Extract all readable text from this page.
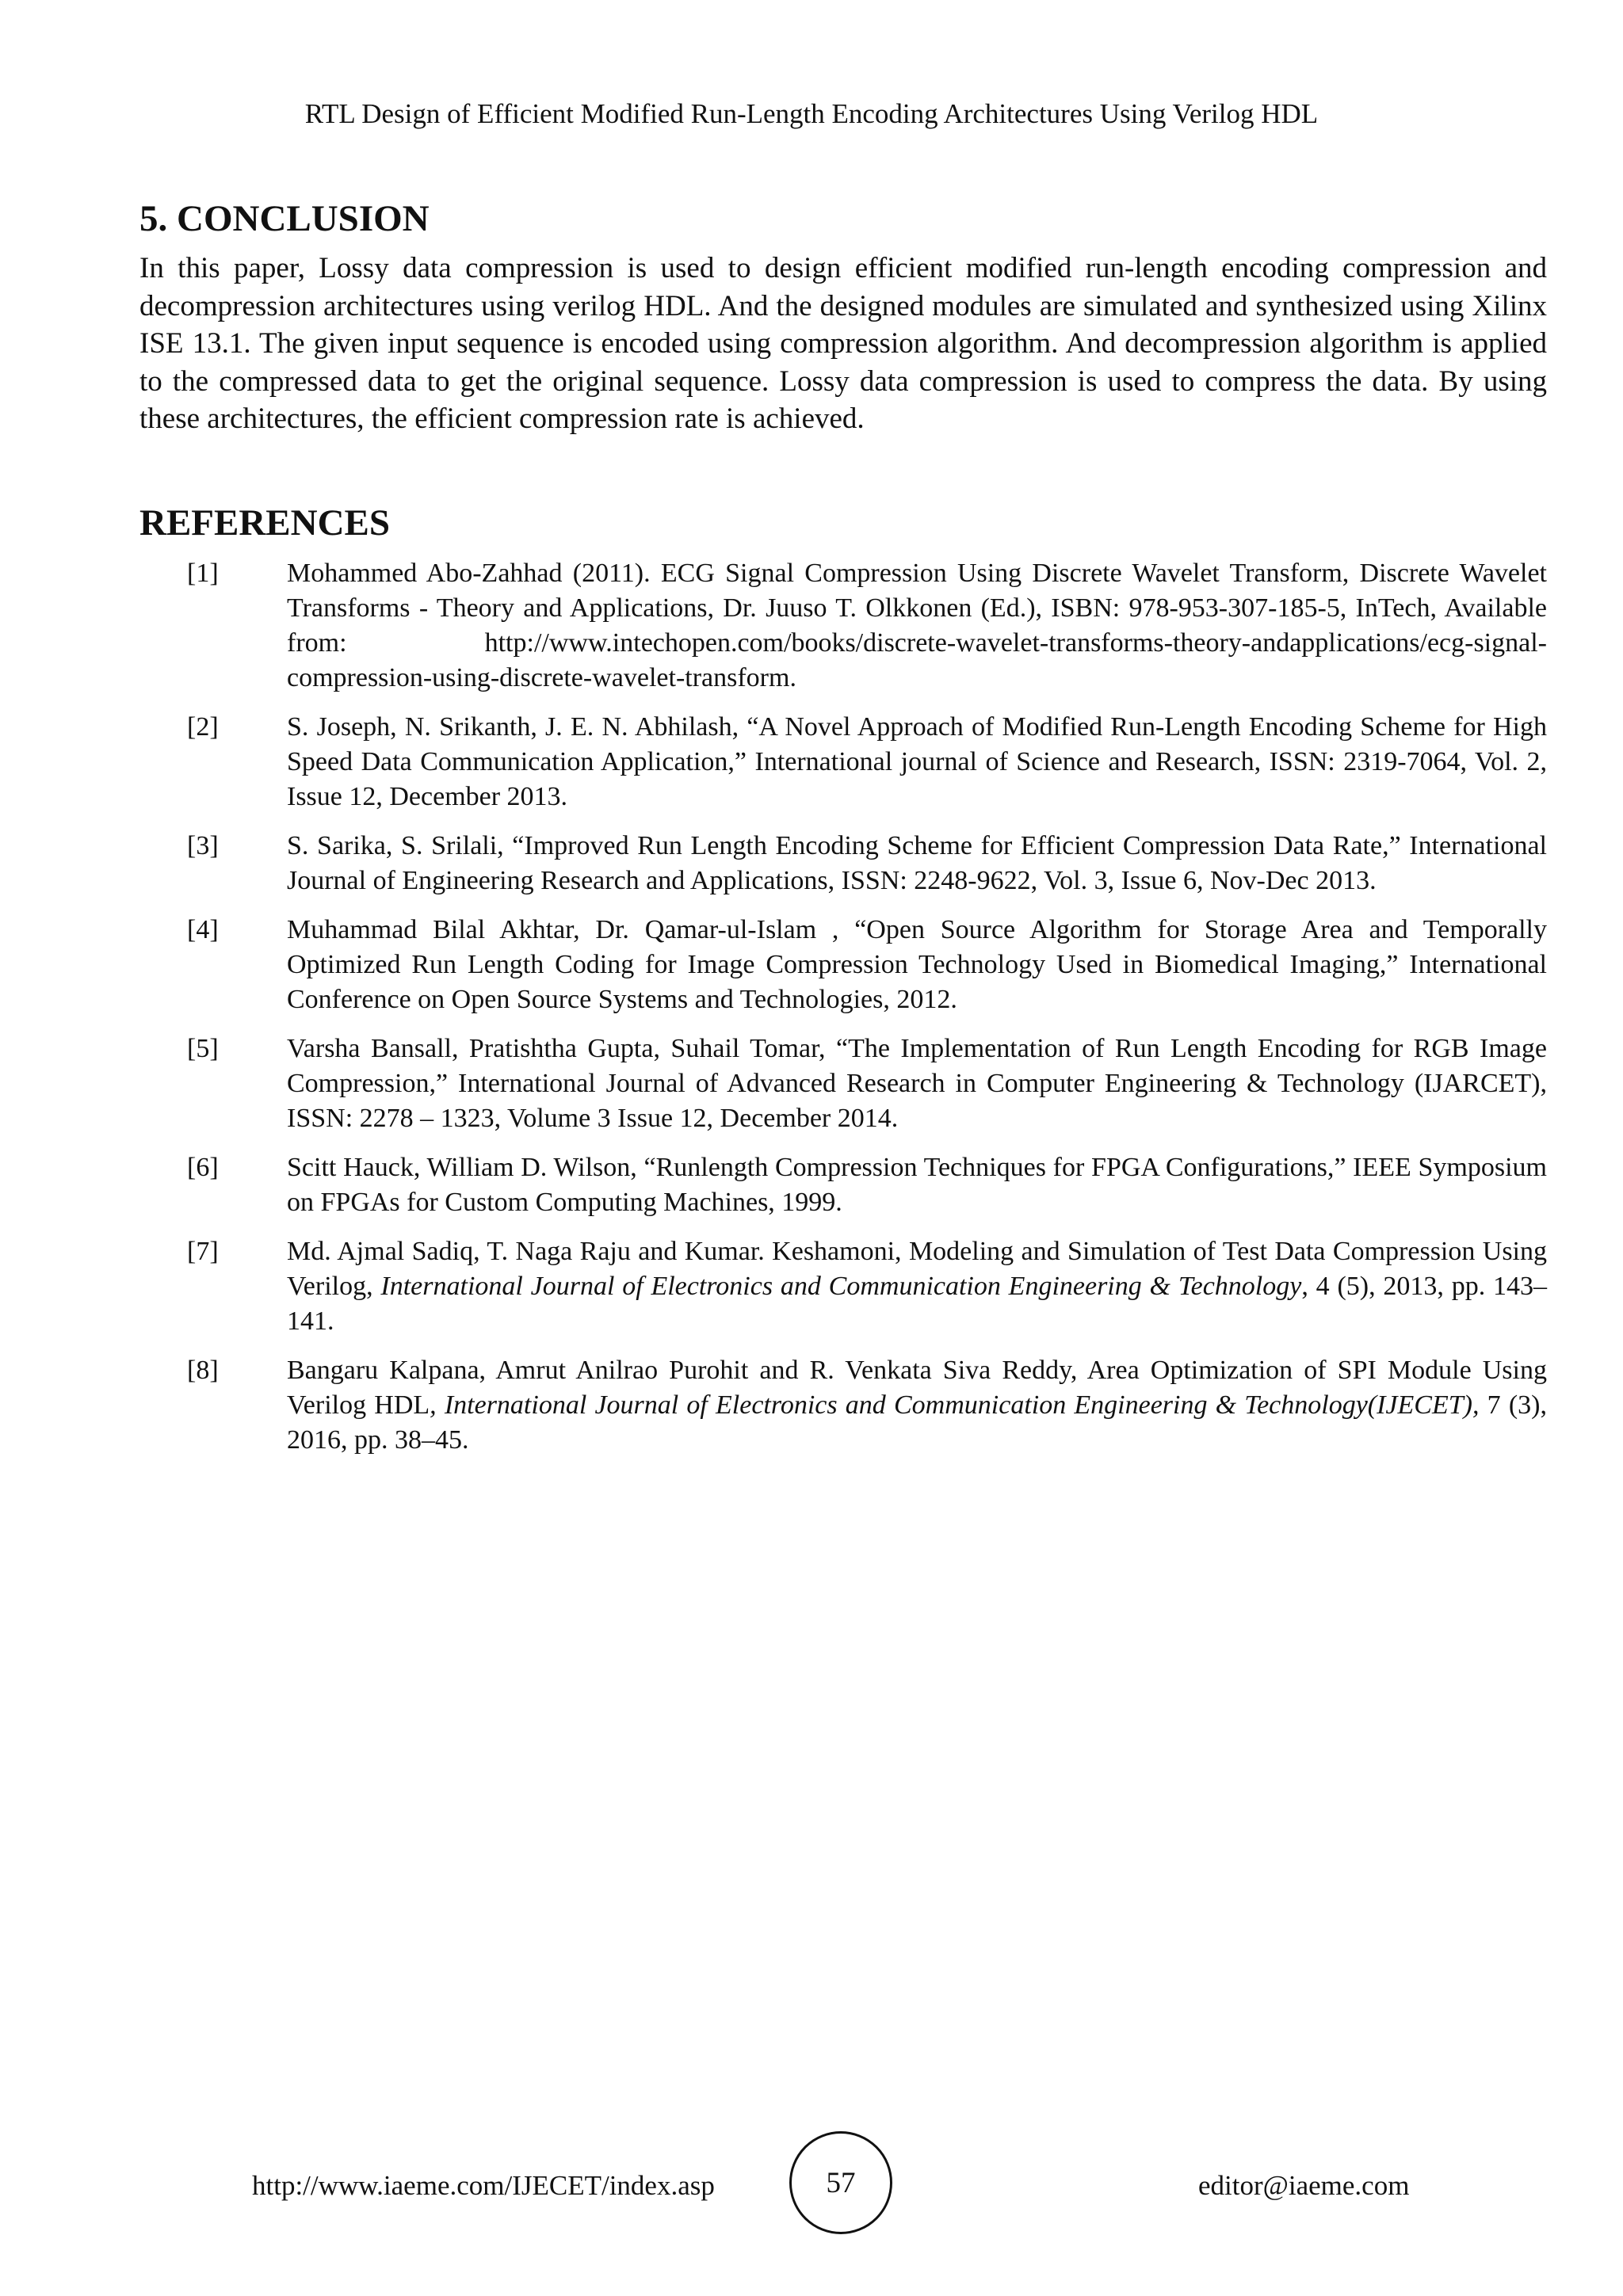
RTL Design of Efficient Modified Run-Length Encoding Architectures Using Verilog HDL
5. CONCLUSION

In this paper, Lossy data compression is used to design efficient modified run-length encoding compression and decompression architectures using verilog HDL. And the designed modules are simulated and synthesized using Xilinx ISE 13.1. The given input sequence is encoded using compression algorithm. And decompression algorithm is applied to the compressed data to get the original sequence. Lossy data compression is used to compress the data. By using these architectures, the efficient compression rate is achieved.

REFERENCES
[1]	Mohammed Abo-Zahhad (2011). ECG Signal Compression Using Discrete Wavelet Transform, Discrete Wavelet Transforms - Theory and Applications, Dr. Juuso T. Olkkonen (Ed.), ISBN: 978-953-307-185-5, InTech, Available from: http://www.intechopen.com/books/discrete-wavelet-transforms-theory-andapplications/ecg-signal-compression-using-discrete-wavelet-transform.
[2]	S. Joseph, N. Srikanth, J. E. N. Abhilash, “A Novel Approach of Modified Run-Length Encoding Scheme for High Speed Data Communication Application,” International journal of Science and Research, ISSN: 2319-7064, Vol. 2, Issue 12, December 2013.
[3]	S. Sarika, S. Srilali, “Improved Run Length Encoding Scheme for Efficient Compression Data Rate,” International Journal of Engineering Research and Applications, ISSN: 2248-9622, Vol. 3, Issue 6, Nov-Dec 2013.
[4]	Muhammad Bilal Akhtar, Dr. Qamar-ul-Islam , “Open Source Algorithm for Storage Area and Temporally Optimized Run Length Coding for Image Compression Technology Used in Biomedical Imaging,” International Conference on Open Source Systems and Technologies, 2012.
[5]	Varsha Bansall, Pratishtha Gupta, Suhail Tomar, “The Implementation of Run Length Encoding for RGB Image Compression,” International Journal of Advanced Research in Computer Engineering & Technology (IJARCET), ISSN: 2278 – 1323, Volume 3 Issue 12, December 2014.
[6]	Scitt Hauck, William D. Wilson, “Runlength Compression Techniques for FPGA Configurations,” IEEE Symposium on FPGAs for Custom Computing Machines, 1999.
[7]	Md. Ajmal Sadiq, T. Naga Raju and Kumar. Keshamoni, Modeling and Simulation of Test Data Compression Using Verilog, International Journal of Electronics and Communication Engineering & Technology, 4 (5), 2013, pp. 143–141.
[8]	Bangaru Kalpana, Amrut Anilrao Purohit and R. Venkata Siva Reddy, Area Optimization of SPI Module Using Verilog HDL, International Journal of Electronics and Communication Engineering & Technology(IJECET), 7 (3), 2016, pp. 38–45.
http://www.iaeme.com/IJECET/index.asp	57	editor@iaeme.com
